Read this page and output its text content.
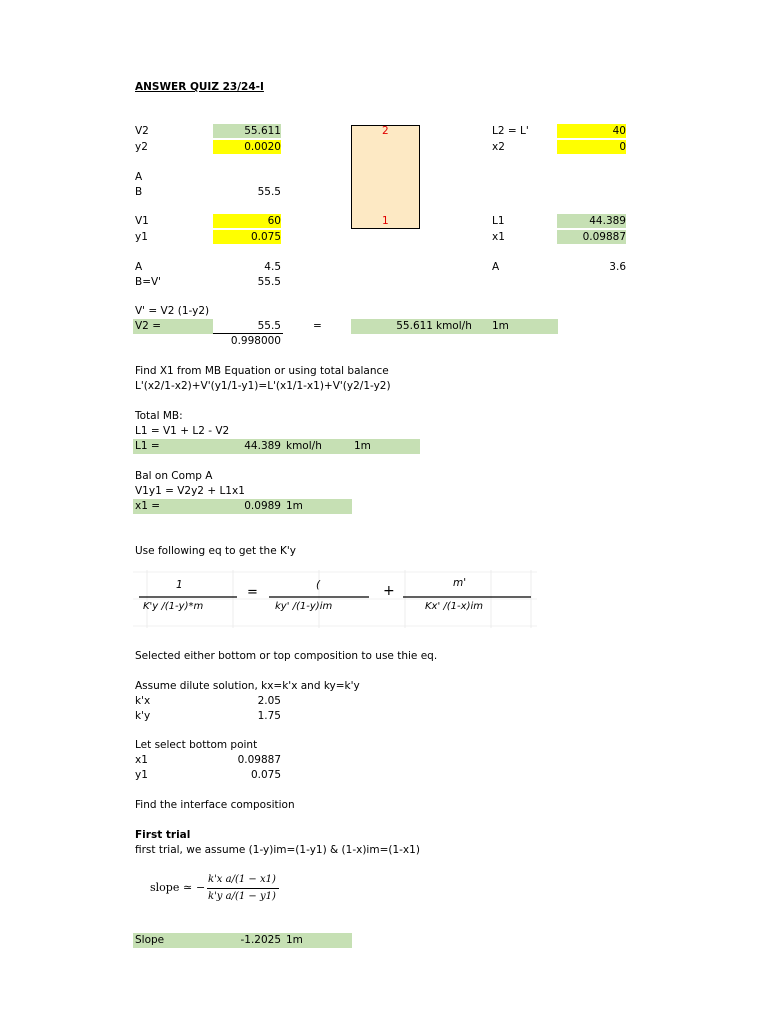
ANSWER QUIZ 23/24-I
V2	55.611
y2	0.0020
A
B	55.5
V1	60
y1	0.075
A	4.5
B=V'	55.5
2
1
L2 = L'	40
x2	0
L1	44.389
x1	0.09887
A	3.6
V' = V2 (1-y2)
V2 =	55.5
0.998000
=	55.611 kmol/h 1m
Find X1 from MB Equation or using total balance
L'(x2/1-x2)+V'(y1/1-y1)=L'(x1/1-x1)+V'(y2/1-y2)
Total MB:
L1 = V1 + L2 - V2
L1 =	44.389 kmol/h	1m
Bal on Comp A
V1y1 = V2y2 + L1x1
x1 =	0.0989 1m
Use following eq to get the K'y
1
K'y /(1-y)*m
=	(
ky' /(1-y)im
+	m'
Kx' /(1-x)im
Selected either bottom or top composition to use thie eq.
Assume dilute solution, kx=k'x and ky=k'y
k'x	2.05
k'y	1.75
Let select bottom point
x1	0.09887
y1	0.075
Find the interface composition
First trial
first trial, we assume (1-y)im=(1-y1) & (1-x)im=(1-x1)
slope ≃ −
k'x a/(1 − x1)
k'y a/(1 − y1)
Slope	-1.2025 1m
